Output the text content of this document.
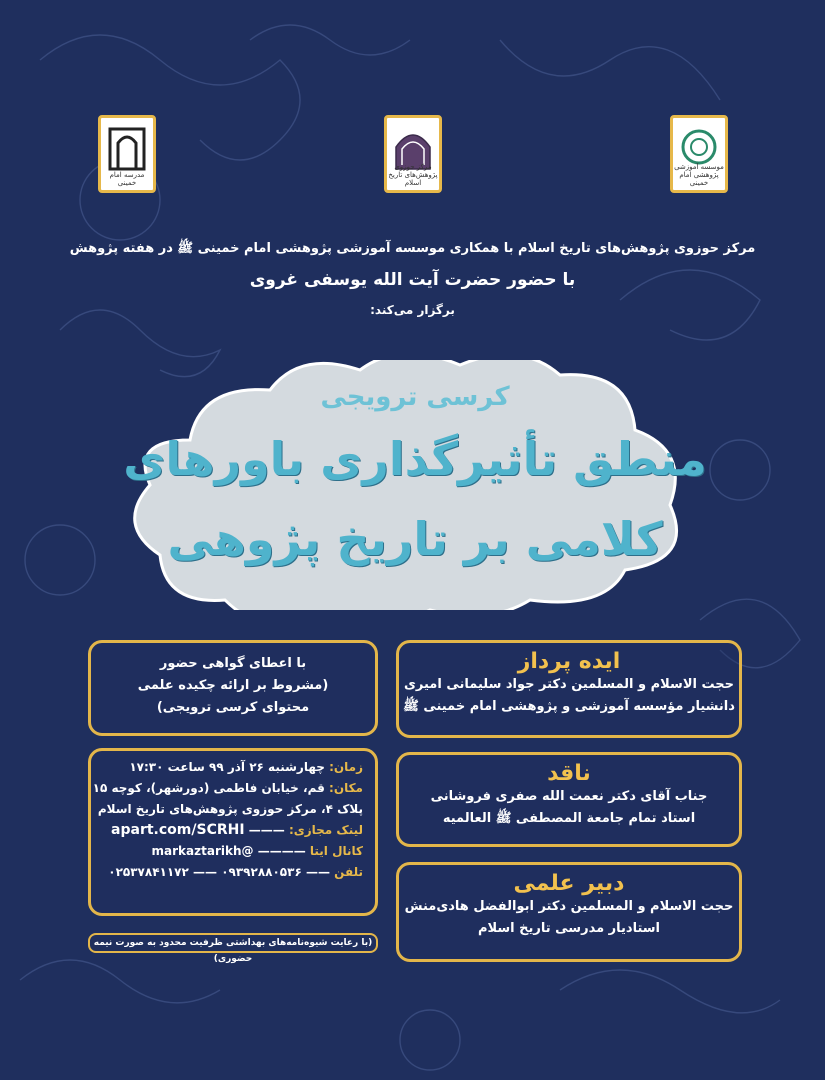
مدرسه امام خمینی
مرکز حوزوی پژوهش‌های تاریخ اسلام
موسسه آموزشی پژوهشی امام خمینی
مرکز حوزوی پژوهش‌های تاریخ اسلام با همکاری موسسه آموزشی پژوهشی امام خمینی ﷺ در هفته پژوهش
با حضور حضرت آیت الله یوسفی غروی
برگزار می‌کند:
کرسی ترویجی
منطق تأثیرگذاری باورهای
کلامی بر تاریخ پژوهی
ایده پرداز
حجت الاسلام و المسلمین دکتر جواد سلیمانی امیری
دانشیار مؤسسه آموزشی و پژوهشی امام خمینی ﷺ
ناقد
جناب آقای دکتر نعمت الله صفری فروشانی
استاد تمام جامعة المصطفی ﷺ العالمیه
دبیر علمی
حجت الاسلام و المسلمین دکتر ابوالفضل هادی‌منش
استادیار مدرسی تاریخ اسلام
با اعطای گواهی حضور
(مشروط بر ارائه چکیده علمی
محتوای کرسی ترویجی)
زمان: چهارشنبه ۲۶ آذر ۹۹ ساعت ۱۷:۳۰
مکان: قم، خیابان فاطمی (دورشهر)، کوچه ۱۵
پلاک ۴، مرکز حوزوی پژوهش‌های تاریخ اسلام
لینک مجازی: ——— apart.com/SCRHI
کانال ایتا ———— @markaztarikh
تلفن —— ۰۹۳۹۲۸۸۰۵۳۶ —— ۰۲۵۳۷۸۴۱۱۷۲
(با رعایت شیوه‌نامه‌های بهداشتی ظرفیت محدود به صورت نیمه حضوری)
